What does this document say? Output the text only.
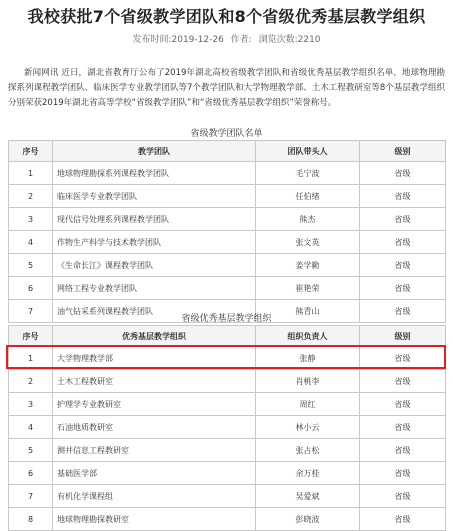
我校获批7个省级教学团队和8个省级优秀基层教学组织
发布时间:2019-12-26 作者: 浏览次数:2210
新闻网讯 近日，湖北省教育厅公布了2019年湖北高校省级教学团队和省级优秀基层教学组织名单，地球物理勘探系列课程教学团队、临床医学专业教学团队等7个教学团队和大学物理教学部、土木工程教研室等8个基层教学组织分别荣获2019年湖北省高等学校“省级教学团队”和“省级优秀基层教学组织”荣誉称号。
省级教学团队名单
序号	教学团队	团队带头人	级别
1	地球物理勘探系列课程教学团队	毛宁波	省级
2	临床医学专业教学团队	任伯绪	省级
3	现代信号处理系列课程教学团队	熊杰	省级
4	作物生产科学与技术教学团队	张文英	省级
5	《生命长江》课程教学团队	姜学勤	省级
6	网络工程专业教学团队	崔艳荣	省级
7	油气钻采系列课程教学团队	熊青山	省级
省级优秀基层教学组织
序号	优秀基层教学组织	组织负责人	级别
1	大学物理教学部	张静	省级
2	土木工程教研室	肖桃李	省级
3	护理学专业教研室	周红	省级
4	石油地质教研室	林小云	省级
5	测井信息工程教研室	张占松	省级
6	基础医学部	余万桂	省级
7	有机化学课程组	吴爱斌	省级
8	地球物理勘探教研室	彭晓波	省级
